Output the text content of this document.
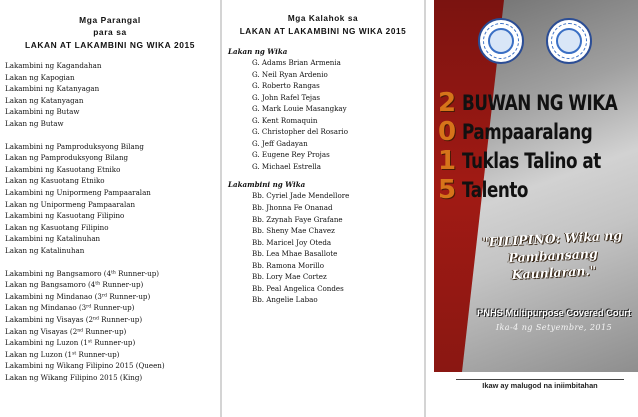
Mga Parangal
para sa
LAKAN AT LAKAMBINI NG WIKA 2015
Lakambini ng Kagandahan
Lakan ng Kapogian
Lakambini ng Katanyagan
Lakan ng Katanyagan
Lakambini ng Butaw
Lakan ng Butaw
Lakambini ng Pamproduksyong Bilang
Lakan ng Pamproduksyong Bilang
Lakambini ng Kasuotang Etniko
Lakan ng Kasuotang Etniko
Lakambini ng Unipormeng Pampaaralan
Lakan ng Unipormeng Pampaaralan
Lakambini ng Kasuotang Filipino
Lakan ng Kasuotang Filipino
Lakambini ng Katalinuhan
Lakan ng Katalinuhan
Lakambini ng Bangsamoro (4th Runner-up)
Lakan ng Bangsamoro (4th Runner-up)
Lakambini ng Mindanao (3rd Runner-up)
Lakan ng Mindanao (3rd Runner-up)
Lakambini ng Visayas (2nd Runner-up)
Lakan ng Visayas (2nd Runner-up)
Lakambini ng Luzon (1st Runner-up)
Lakan ng Luzon (1st Runner-up)
Lakambini ng Wikang Filipino 2015 (Queen)
Lakan ng Wikang Filipino 2015 (King)
Mga Kalahok sa
LAKAN AT LAKAMBINI NG WIKA 2015
Lakan ng Wika
G. Adams Brian Armenia
G. Neil Ryan Ardenio
G. Roberto Rangas
G. John Rafel Tejas
G. Mark Louie Masangkay
G. Kent Romaquin
G. Christopher del Rosario
G. Jeff Gadayan
G. Eugene Rey Projas
G. Michael Estrella
Lakambini ng Wika
Bb. Cyriel Jade Mendellore
Bb. Jhonna Fe Onanad
Bb. Zzynah Faye Grafane
Bb. Sheny Mae Chavez
Bb. Maricel Joy Oteda
Bb. Lea Mhae Basallote
Bb. Ramona Morillo
Bb. Lory Mae Cortez
Bb. Peal Angelica Condes
Bb. Angelie Labao
2
0
1
5
BUWAN NG WIKA
Pampaaralang
Tuklas Talino at
Talento
"FILIPINO: Wika ng Pambansang Kaunlaran."
PNHS Multipurpose Covered Court
Ika-4 ng Setyembre, 2015
Ikaw ay malugod na iniimbitahan
